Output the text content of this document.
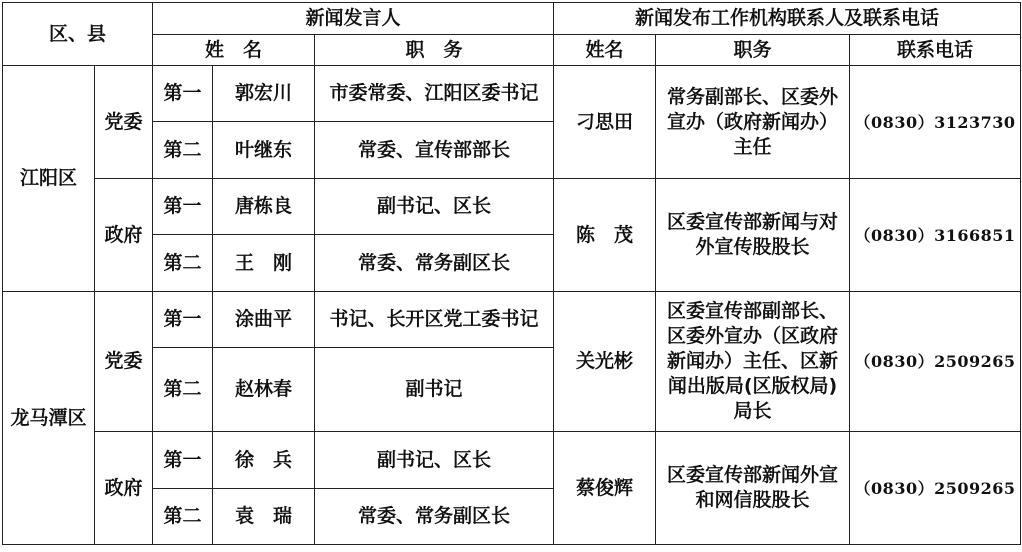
区、县		新闻发言人			新闻发布工作机构联系人及联系电话		
		姓　名		职　务	姓名	职务	联系电话
江阳区	党委	第一	郭宏川	市委常委、江阳区委书记	刁思田	常务副部长、区委外宣办（政府新闻办）主任	（0830）3123730
		第二	叶继东	常委、宣传部部长			
	政府	第一	唐栋良	副书记、区长	陈　茂	区委宣传部新闻与对外宣传股股长	（0830）3166851
		第二	王　刚	常委、常务副区长			
龙马潭区	党委	第一	涂曲平	书记、长开区党工委书记	关光彬	区委宣传部副部长、区委外宣办（区政府新闻办）主任、区新闻出版局(区版权局)局长	（0830）2509265
		第二	赵林春	副书记			
	政府	第一	徐　兵	副书记、区长	蔡俊辉	区委宣传部新闻外宣和网信股股长	（0830）2509265
		第二	袁　瑞	常委、常务副区长			
